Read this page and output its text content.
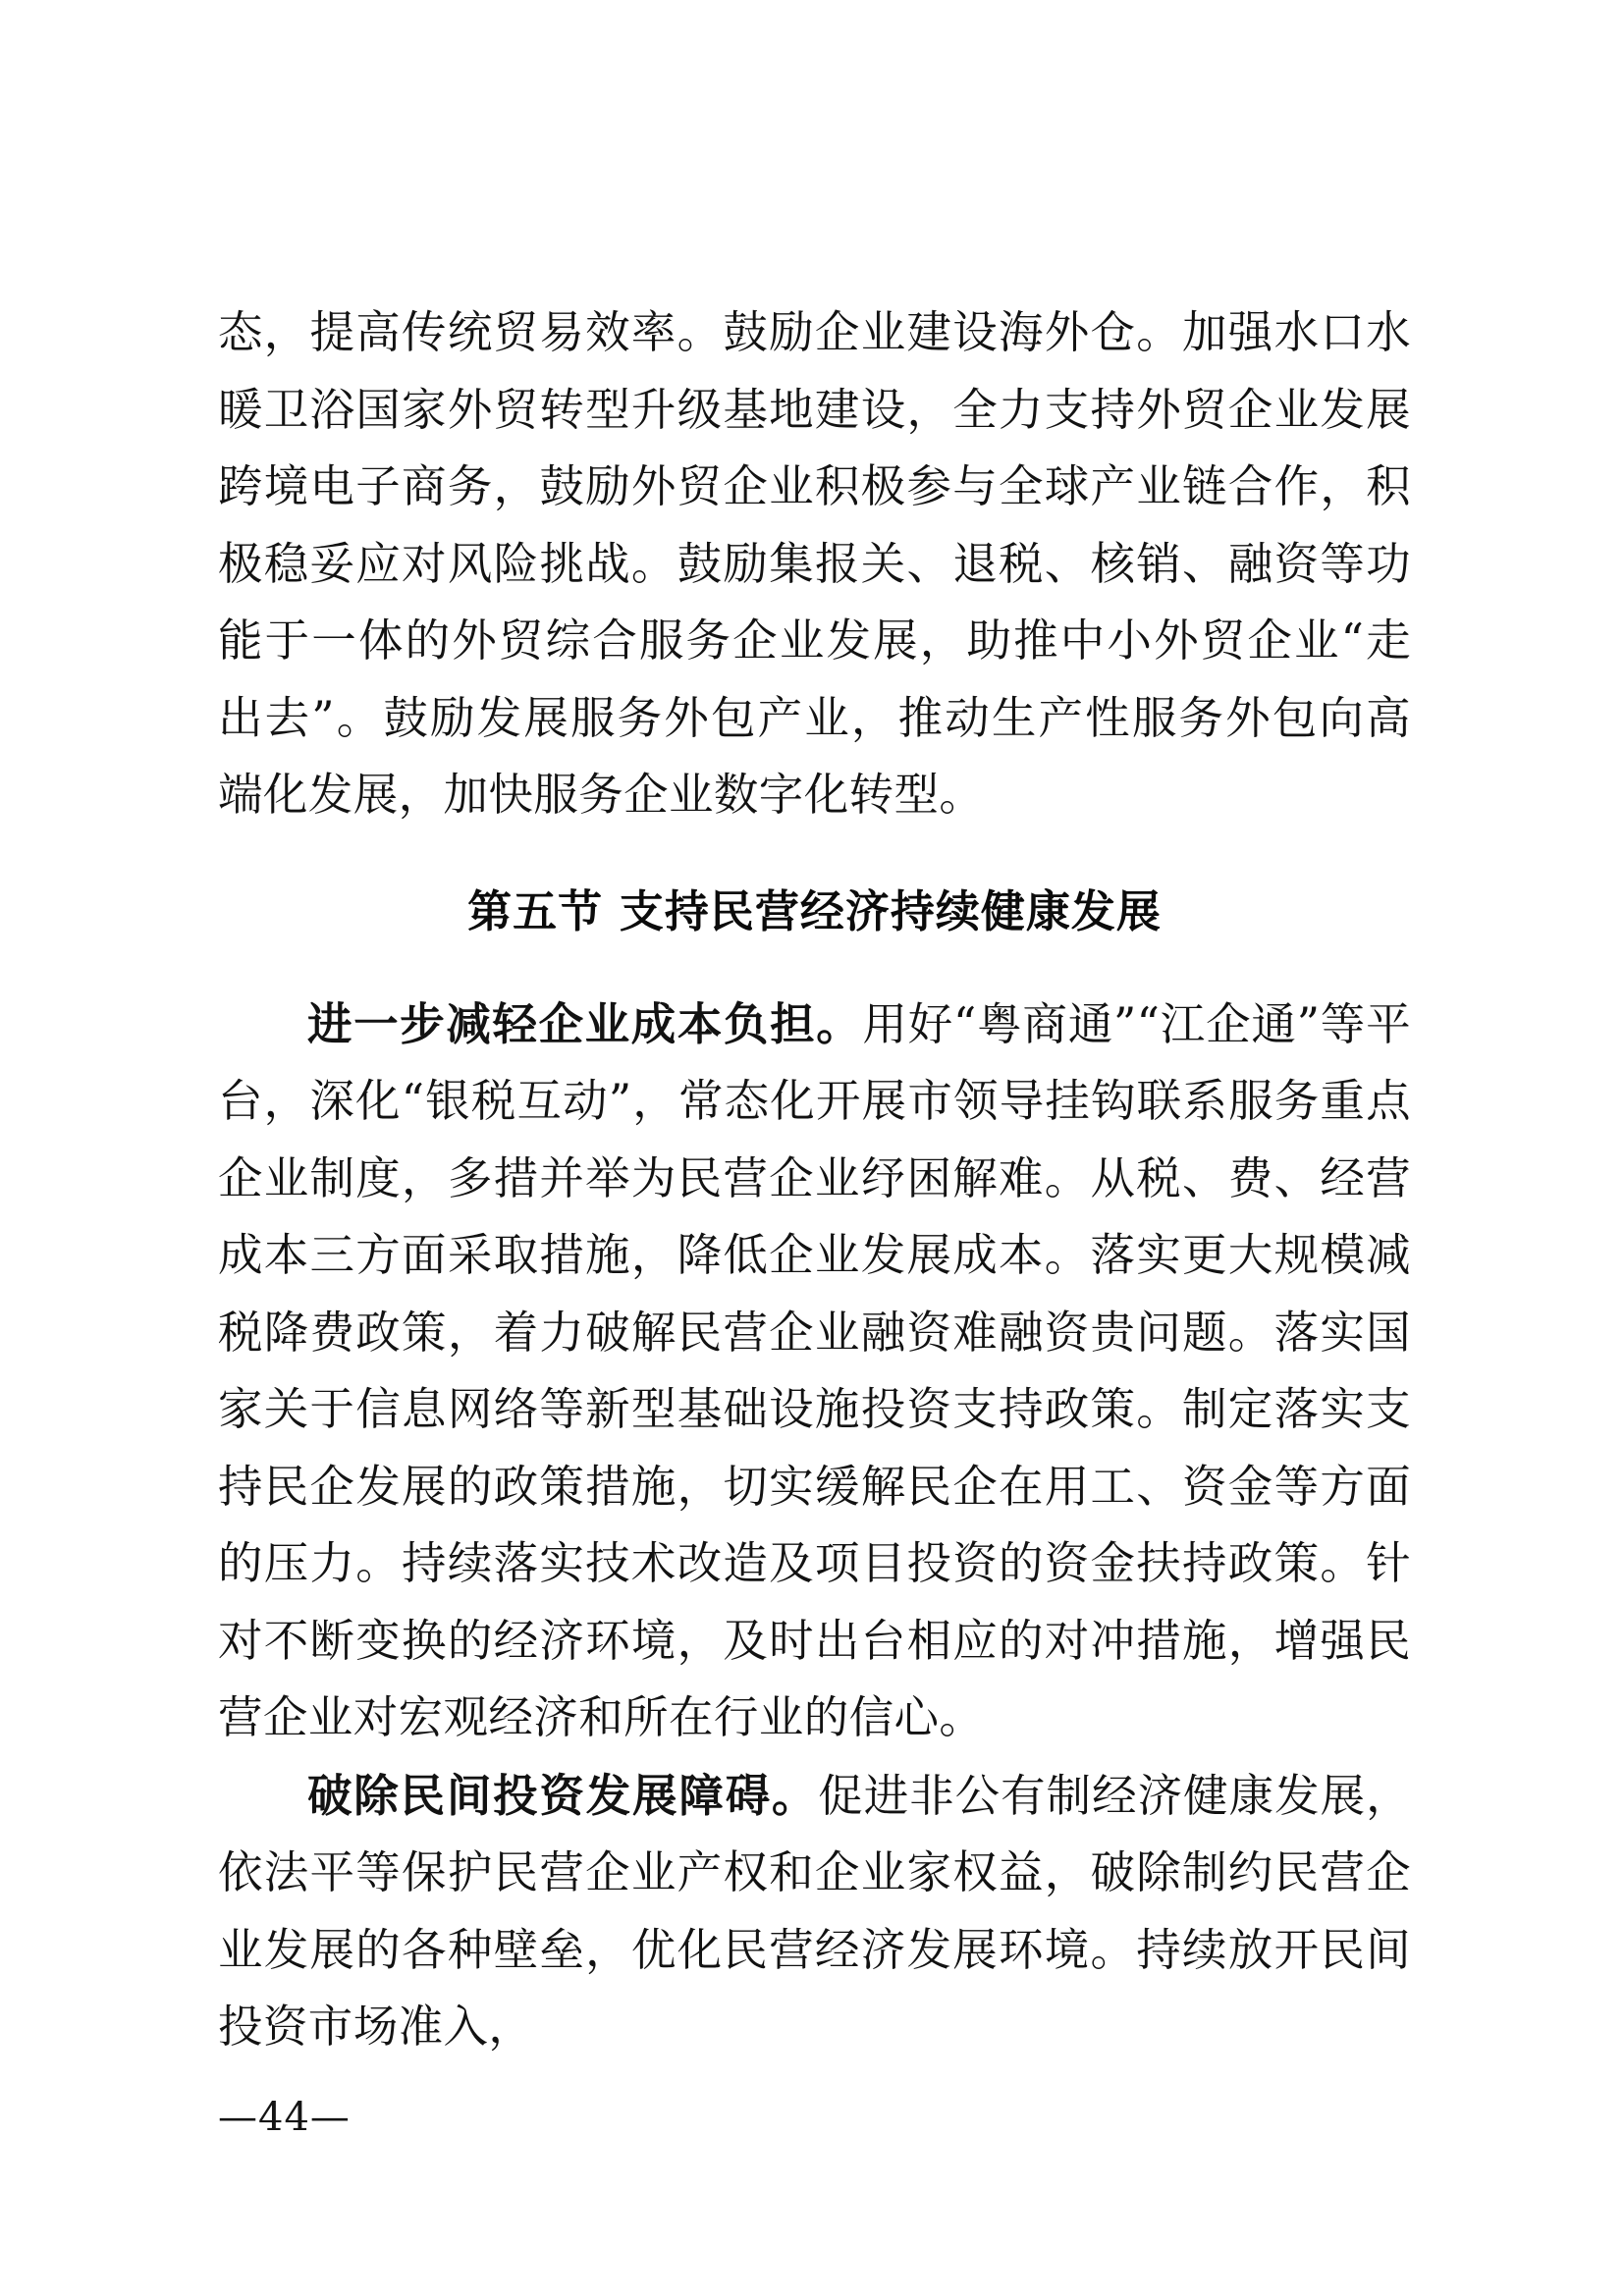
态，提高传统贸易效率。鼓励企业建设海外仓。加强水口水暖卫浴国家外贸转型升级基地建设，全力支持外贸企业发展跨境电子商务，鼓励外贸企业积极参与全球产业链合作，积极稳妥应对风险挑战。鼓励集报关、退税、核销、融资等功能于一体的外贸综合服务企业发展，助推中小外贸企业“走出去”。鼓励发展服务外包产业，推动生产性服务外包向高端化发展，加快服务企业数字化转型。

第五节 支持民营经济持续健康发展

进一步减轻企业成本负担。用好“粤商通”“江企通”等平台，深化“银税互动”，常态化开展市领导挂钩联系服务重点企业制度，多措并举为民营企业纾困解难。从税、费、经营成本三方面采取措施，降低企业发展成本。落实更大规模减税降费政策，着力破解民营企业融资难融资贵问题。落实国家关于信息网络等新型基础设施投资支持政策。制定落实支持民企发展的政策措施，切实缓解民企在用工、资金等方面的压力。持续落实技术改造及项目投资的资金扶持政策。针对不断变换的经济环境，及时出台相应的对冲措施，增强民营企业对宏观经济和所在行业的信心。

破除民间投资发展障碍。促进非公有制经济健康发展，依法平等保护民营企业产权和企业家权益，破除制约民营企业发展的各种壁垒，优化民营经济发展环境。持续放开民间投资市场准入，

—44—
